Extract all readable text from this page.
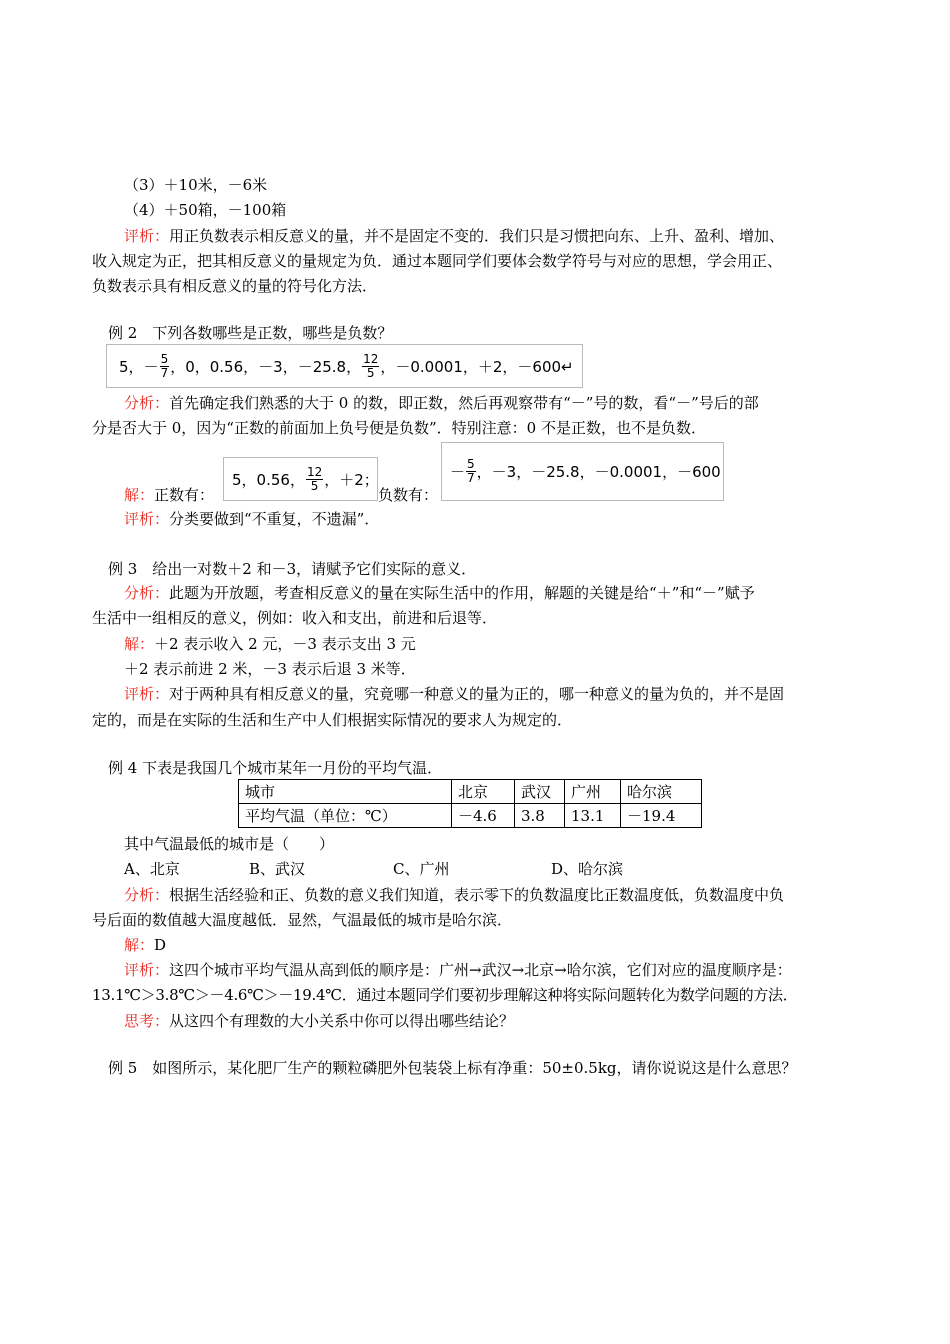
（3）＋10米，－6米
（4）＋50箱，－100箱
评析：用正负数表示相反意义的量，并不是固定不变的．我们只是习惯把向东、上升、盈利、增加、
收入规定为正，把其相反意义的量规定为负．通过本题同学们要体会数学符号与对应的思想，学会用正、
负数表示具有相反意义的量的符号化方法．
例 2　下列各数哪些是正数，哪些是负数？
5， － $\frac{5}{7}$ ，0，0.56，－3，－25.8， $\frac{12}{5}$ ，－0.0001，＋2，－600↵
分析：首先确定我们熟悉的大于 0 的数，即正数，然后再观察带有“－”号的数，看“－”号后的部
分是否大于 0，因为“正数的前面加上负号便是负数”．特别注意：0 不是正数，也不是负数．
解：正数有：
5，0.56， $\frac{12}{5}$ ，＋2；
负数有：
－ $\frac{5}{7}$ ，－3，－25.8，－0.0001，－600
评析：分类要做到“不重复，不遗漏”．
例 3　给出一对数＋2 和－3，请赋予它们实际的意义．
分析：此题为开放题，考查相反意义的量在实际生活中的作用，解题的关键是给“＋”和“－”赋予
生活中一组相反的意义，例如：收入和支出，前进和后退等．
解：＋2 表示收入 2 元，－3 表示支出 3 元
＋2 表示前进 2 米，－3 表示后退 3 米等．
评析：对于两种具有相反意义的量，究竟哪一种意义的量为正的，哪一种意义的量为负的，并不是固
定的，而是在实际的生活和生产中人们根据实际情况的要求人为规定的．
例 4 下表是我国几个城市某年一月份的平均气温．
城市	北京	武汉	广州	哈尔滨
平均气温（单位：℃）	－4.6	3.8	13.1	－19.4
其中气温最低的城市是（　　）
A、北京	B、武汉	C、广州	D、哈尔滨
分析：根据生活经验和正、负数的意义我们知道，表示零下的负数温度比正数温度低，负数温度中负
号后面的数值越大温度越低．显然，气温最低的城市是哈尔滨．
解：D
评析：这四个城市平均气温从高到低的顺序是：广州→武汉→北京→哈尔滨，它们对应的温度顺序是：
13.1℃＞3.8℃＞－4.6℃＞－19.4℃．通过本题同学们要初步理解这种将实际问题转化为数学问题的方法．
思考：从这四个有理数的大小关系中你可以得出哪些结论？
例 5　如图所示，某化肥厂生产的颗粒磷肥外包装袋上标有净重：50±0.5kg，请你说说这是什么意思？
